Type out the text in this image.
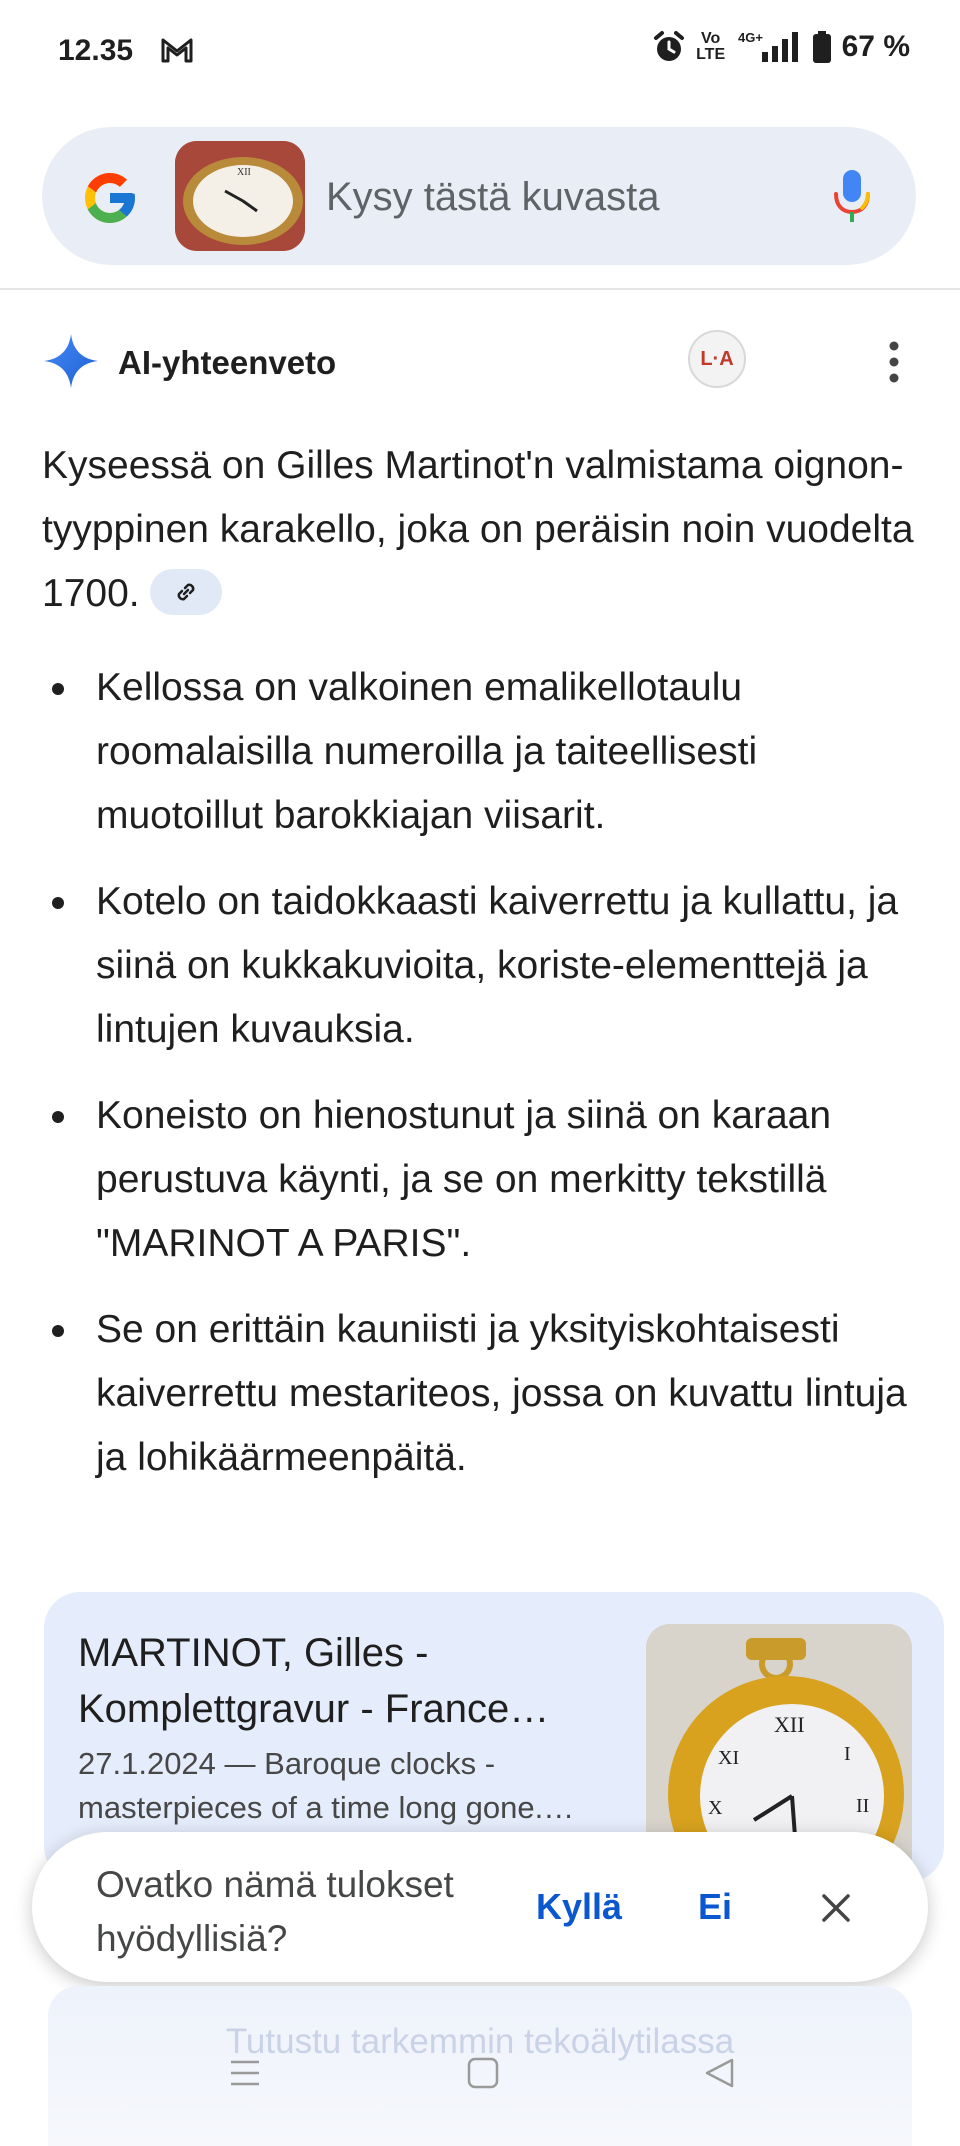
12.35	Vo LTE
4G+	67 %
XII
Kysy tästä kuvasta
AI-yhteenveto	L·A
Kyseessä on Gilles Martinot'n valmistama oignon-tyyppinen karakello, joka on peräisin noin vuodelta 1700.
Kellossa on valkoinen emalikellotaulu roomalaisilla numeroilla ja taiteellisesti muotoillut barokkiajan viisarit.
Kotelo on taidokkaasti kaiverrettu ja kullattu, ja siinä on kukkakuvioita, koriste-elementtejä ja lintujen kuvauksia.
Koneisto on hienostunut ja siinä on karaan perustuva käynti, ja se on merkitty tekstillä "MARINOT A PARIS".
Se on erittäin kauniisti ja yksityiskohtaisesti kaiverrettu mestariteos, jossa on kuvattu lintuja ja lohikäärmeenpäitä.
MARTINOT, Gilles - Komplettgravur - France…
27.1.2024 — Baroque clocks - masterpieces of a time long gone.…
XII
I
XI
X	II
Ovatko nämä tulokset hyödyllisiä?
Kyllä Ei
Tutustu tarkemmin tekoälytilassa
